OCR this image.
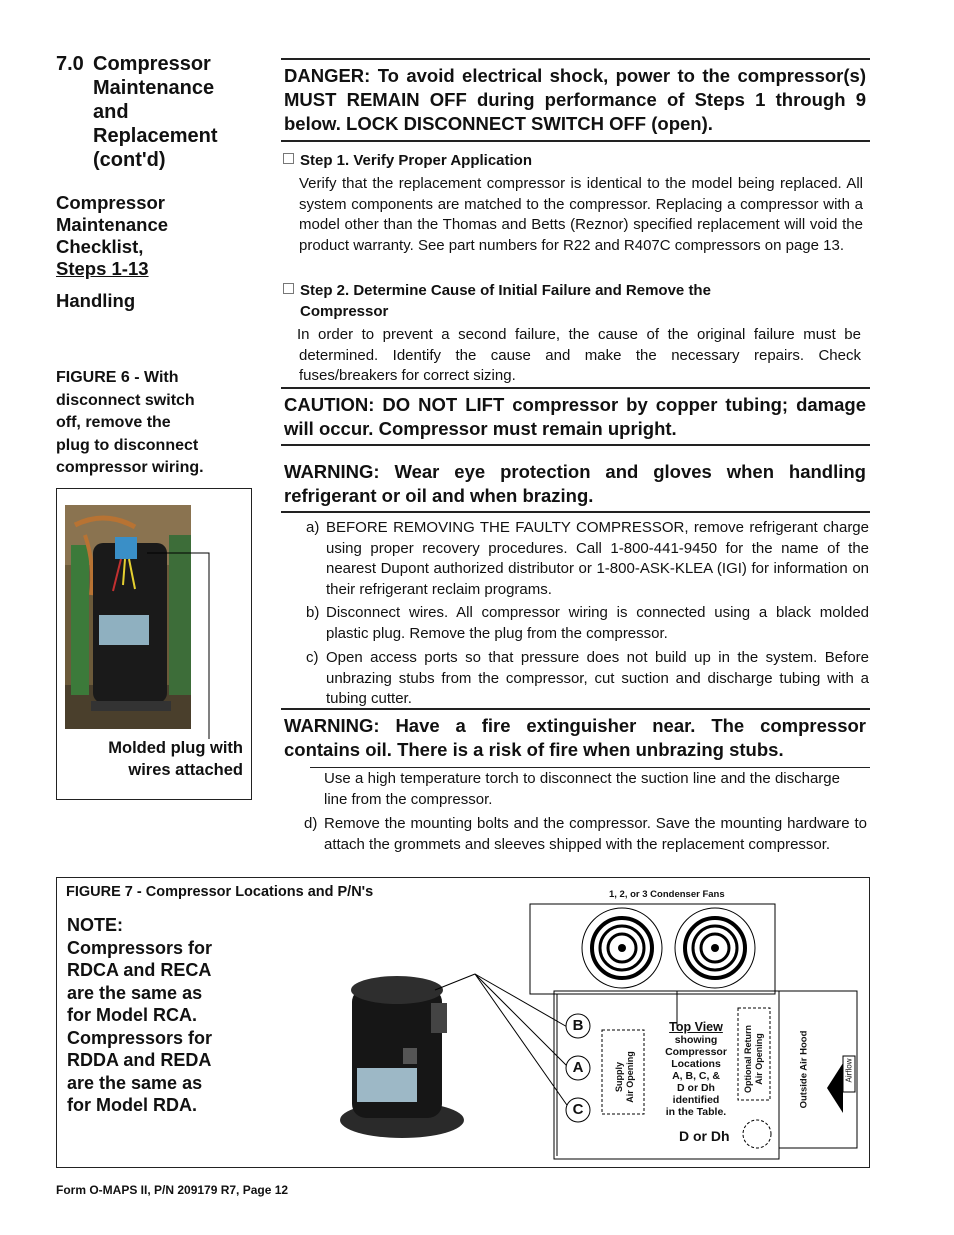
7.0 Compressor
Maintenance
and
Replacement
(cont'd)
Compressor
Maintenance
Checklist,
Steps 1-13
Handling
FIGURE 6 - With
disconnect switch
off, remove the
plug to disconnect
compressor wiring.
Molded plug with
wires attached
DANGER: To avoid electrical shock, power to the compressor(s) MUST REMAIN OFF during performance of Steps 1 through 9 below. LOCK DISCONNECT SWITCH OFF (open).
Step 1. Verify Proper Application
Verify that the replacement compressor is identical to the model being replaced. All system components are matched to the compressor. Replacing a compressor with a model other than the Thomas and Betts (Reznor) specified replacement will void the product warranty. See part numbers for R22 and R407C compressors on page 13.
Step 2. Determine Cause of Initial Failure and Remove the
Compressor
In order to prevent a second failure, the cause of the original failure must be determined. Identify the cause and make the necessary repairs. Check fuses/breakers for correct sizing.
CAUTION: DO NOT LIFT compressor by copper tubing; damage will occur. Compressor must remain upright.
WARNING: Wear eye protection and gloves when handling refrigerant or oil and when brazing.
a) BEFORE REMOVING THE FAULTY COMPRESSOR, remove refrigerant charge using proper recovery procedures. Call 1-800-441-9450 for the name of the nearest Dupont authorized distributor or 1-800-ASK-KLEA (IGI) for information on their refrigerant reclaim programs.
b) Disconnect wires. All compressor wiring is connected using a black molded plastic plug. Remove the plug from the compressor.
c) Open access ports so that pressure does not build up in the system. Before unbrazing stubs from the compressor, cut suction and discharge tubing with a tubing cutter.
WARNING: Have a fire extinguisher near. The compressor contains oil. There is a risk of fire when unbrazing stubs.
Use a high temperature torch to disconnect the suction line and the discharge line from the compressor.
d) Remove the mounting bolts and the compressor. Save the mounting hardware to attach the grommets and sleeves shipped with the replacement compressor.
FIGURE 7 - Compressor Locations and P/N's
NOTE:
Compressors for
RDCA and RECA
are the same as
for Model RCA.
Compressors for
RDDA and REDA
are the same as
for Model RDA.
1, 2, or 3 Condenser Fans
B
A
C
D or Dh
Top View
showing
Compressor
Locations
A, B, C, &
D or Dh
identified
in the Table.
Supply Air Opening	Optional Return Air Opening	Outside Air Hood	Airflow
Form O-MAPS II, P/N 209179 R7, Page 12
